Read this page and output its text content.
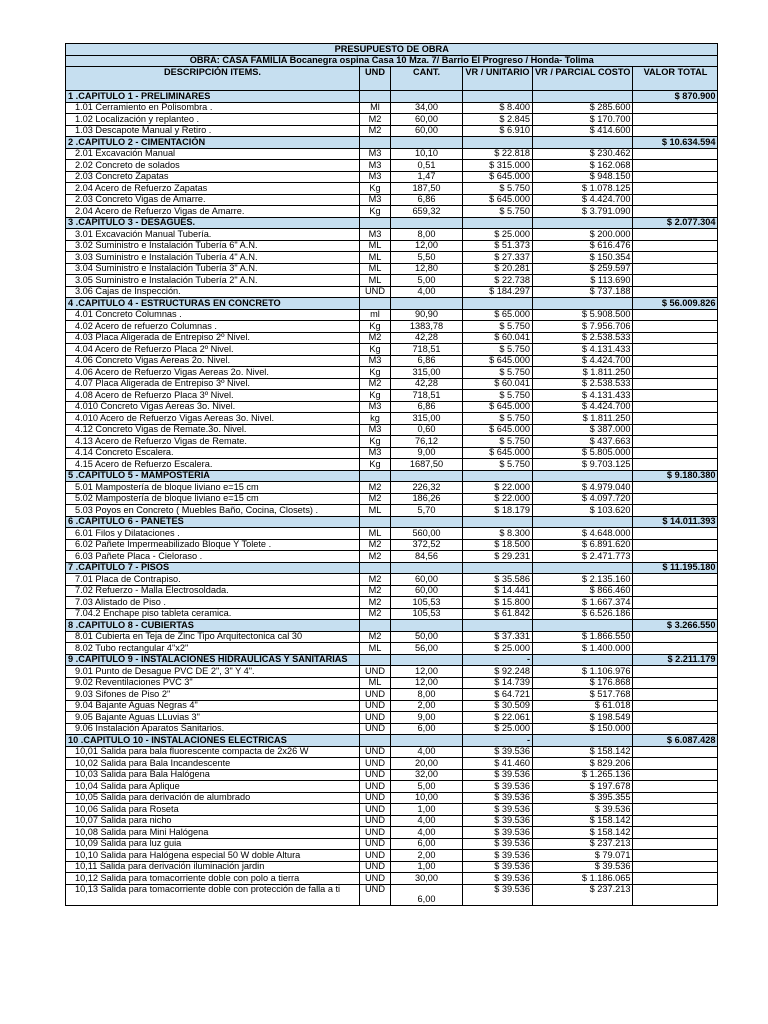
PRESUPUESTO DE OBRA					
OBRA: CASA FAMILIA Bocanegra ospina Casa 10 Mza. 7/ Barrio El Progreso / Honda- Tolima					
DESCRIPCIÓN ITEMS.	UND	CANT.	VR / UNITARIO	VR / PARCIAL COSTO	VALOR TOTAL
1 .CAPITULO 1 - PRELIMINARES					$ 870.900
1.01 Cerramiento en Polisombra .	Ml	34,00	$ 8.400	$ 285.600	
1.02 Localización y replanteo .	M2	60,00	$ 2.845	$ 170.700	
1.03 Descapote Manual y Retiro .	M2	60,00	$ 6.910	$ 414.600	
2 .CAPITULO 2 - CIMENTACIÓN					$ 10.634.594
2.01 Excavación Manual	M3	10,10	$ 22.818	$ 230.462	
2.02 Concreto de solados	M3	0,51	$ 315.000	$ 162.068	
2.03 Concreto Zapatas	M3	1,47	$ 645.000	$ 948.150	
2.04 Acero de Refuerzo Zapatas	Kg	187,50	$ 5.750	$ 1.078.125	
2.03 Concreto Vigas de Amarre.	M3	6,86	$ 645.000	$ 4.424.700	
2.04 Acero de Refuerzo Vigas de Amarre.	Kg	659,32	$ 5.750	$ 3.791.090	
3 .CAPITULO 3 - DESAGUES.					$ 2.077.304
3.01 Excavación Manual Tubería.	M3	8,00	$ 25.000	$ 200.000	
3.02 Suministro e Instalación Tubería 6" A.N.	ML	12,00	$ 51.373	$ 616.476	
3.03 Suministro e Instalación Tubería 4" A.N.	ML	5,50	$ 27.337	$ 150.354	
3.04 Suministro e Instalación Tubería 3" A.N.	ML	12,80	$ 20.281	$ 259.597	
3.05 Suministro e Instalación Tubería 2" A.N.	ML	5,00	$ 22.738	$ 113.690	
3.06 Cajas de Inspección.	UND	4,00	$ 184.297	$ 737.188	
4 .CAPITULO 4 - ESTRUCTURAS EN CONCRETO					$ 56.009.826
4.01 Concreto Columnas .	ml	90,90	$ 65.000	$ 5.908.500	
4.02 Acero de refuerzo Columnas .	Kg	1383,78	$ 5.750	$ 7.956.706	
4.03 Placa Aligerada de Entrepiso 2º Nivel.	M2	42,28	$ 60.041	$ 2.538.533	
4.04 Acero de Refuerzo Placa 2º Nivel.	Kg	718,51	$ 5.750	$ 4.131.433	
4.06 Concreto Vigas Aereas 2o. Nivel.	M3	6,86	$ 645.000	$ 4.424.700	
4.06 Acero de Refuerzo Vigas Aereas 2o. Nivel.	Kg	315,00	$ 5.750	$ 1.811.250	
4.07 Placa Aligerada de Entrepiso 3º Nivel.	M2	42,28	$ 60.041	$ 2.538.533	
4.08 Acero de Refuerzo Placa 3º Nivel.	Kg	718,51	$ 5.750	$ 4.131.433	
4.010 Concreto Vigas Aereas 3o. Nivel.	M3	6,86	$ 645.000	$ 4.424.700	
4.010 Acero de Refuerzo Vigas Aereas 3o. Nivel.	kg	315,00	$ 5.750	$ 1.811.250	
4.12 Concreto Vigas de Remate.3o. Nivel.	M3	0,60	$ 645.000	$ 387.000	
4.13 Acero de Refuerzo Vigas de Remate.	Kg	76,12	$ 5.750	$ 437.663	
4.14 Concreto Escalera.	M3	9,00	$ 645.000	$ 5.805.000	
4.15 Acero de Refuerzo Escalera.	Kg	1687,50	$ 5.750	$ 9.703.125	
5 .CAPITULO 5 - MAMPOSTERIA					$ 9.180.380
5.01 Mampostería de bloque liviano e=15 cm	M2	226,32	$ 22.000	$ 4.979.040	
5.02 Mampostería de bloque liviano e=15 cm	M2	186,26	$ 22.000	$ 4.097.720	
5.03 Poyos en Concreto ( Muebles Baño, Cocina, Closets) .	ML	5,70	$ 18.179	$ 103.620	
6 .CAPITULO 6 - PAÑETES					$ 14.011.393
6.01 Filos y Dilataciones .	ML	560,00	$ 8.300	$ 4.648.000	
6.02 Pañete Impermeabilizado Bloque Y Tolete .	M2	372,52	$ 18.500	$ 6.891.620	
6.03 Pañete Placa - Cieloraso .	M2	84,56	$ 29.231	$ 2.471.773	
7 .CAPITULO 7 - PISOS					$ 11.195.180
7.01 Placa de Contrapiso.	M2	60,00	$ 35.586	$ 2.135.160	
7.02 Refuerzo - Malla Electrosoldada.	M2	60,00	$ 14.441	$ 866.460	
7.03 Alistado de Piso .	M2	105,53	$ 15.800	$ 1.667.374	
7.04.2 Enchape piso tableta ceramica.	M2	105,53	$ 61.842	$ 6.526.186	
8 .CAPITULO 8 - CUBIERTAS					$ 3.266.550
8.01 Cubierta en Teja de Zinc Tipo Arquitectonica cal 30	M2	50,00	$ 37.331	$ 1.866.550	
8.02 Tubo rectangular 4"x2"	ML	56,00	$ 25.000	$ 1.400.000	
9 .CAPITULO 9 - INSTALACIONES HIDRAULICAS Y SANITARIAS			-		$ 2.211.179
9.01 Punto de Desague PVC DE 2", 3" Y 4".	UND	12,00	$ 92.248	$ 1.106.976	
9.02 Reventilaciones PVC 3"	ML	12,00	$ 14.739	$ 176.868	
9.03 Sifones de Piso 2"	UND	8,00	$ 64.721	$ 517.768	
9.04 Bajante Aguas Negras 4"	UND	2,00	$ 30.509	$ 61.018	
9.05 Bajante Aguas LLuvias 3"	UND	9,00	$ 22.061	$ 198.549	
9.06 Instalación Aparatos Sanitarios.	UND	6,00	$ 25.000	$ 150.000	
10 .CAPITULO 10 - INSTALACIONES ELECTRICAS			-		$ 6.087.428
10,01 Salida para bala fluorescente compacta de 2x26 W	UND	4,00	$ 39.536	$ 158.142	
10,02 Salida para Bala Incandescente	UND	20,00	$ 41.460	$ 829.206	
10,03 Salida para Bala Halógena	UND	32,00	$ 39.536	$ 1.265.136	
10,04 Salida para Aplique	UND	5,00	$ 39.536	$ 197.678	
10,05 Salida para derivación de alumbrado	UND	10,00	$ 39.536	$ 395.355	
10,06 Salida para Roseta	UND	1,00	$ 39.536	$ 39.536	
10,07 Salida para nicho	UND	4,00	$ 39.536	$ 158.142	
10,08 Salida para Mini Halógena	UND	4,00	$ 39.536	$ 158.142	
10,09 Salida para luz guia	UND	6,00	$ 39.536	$ 237.213	
10,10 Salida para Halógena especial 50 W doble Altura	UND	2,00	$ 39.536	$ 79.071	
10,11 Salida para derivación iluminación jardin	UND	1,00	$ 39.536	$ 39.536	
10,12 Salida para tomacorriente doble con polo a tierra	UND	30,00	$ 39.536	$ 1.186.065	
10,13 Salida para tomacorriente doble con protección de falla a ti	UND	6,00	$ 39.536	$ 237.213	
